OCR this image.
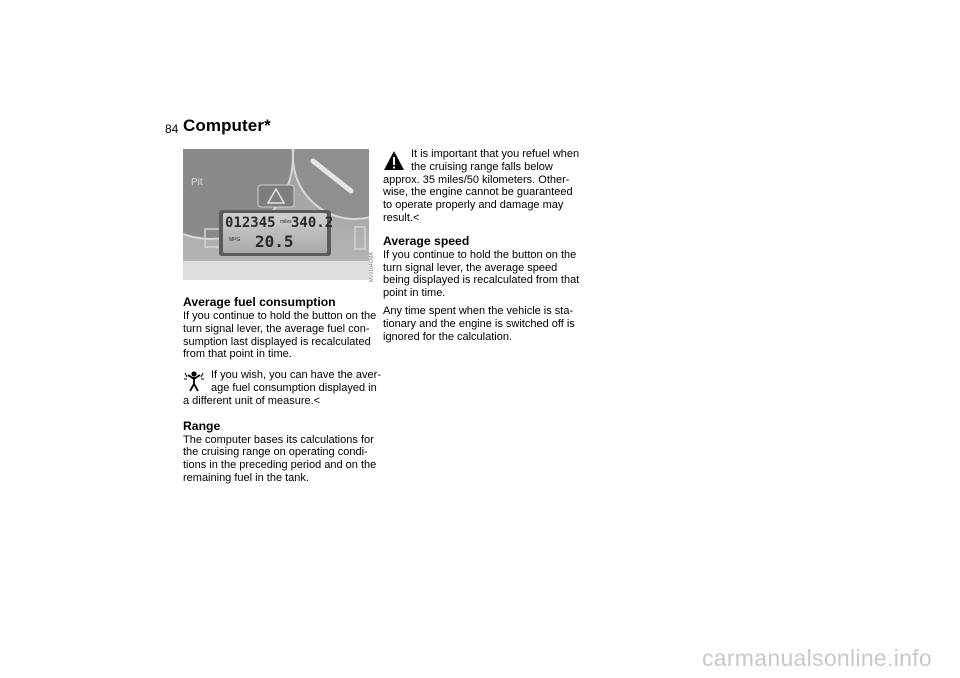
84 Computer*
Pit
012345 miles 340.2
MPG 20.5
MV0104CMA
Average fuel consumption

If you continue to hold the button on the turn signal lever, the average fuel con-sumption last displayed is recalculated from that point in time.

If you wish, you can have the aver-age fuel consumption displayed in a different unit of measure.<

Range

The computer bases its calculations for the cruising range on operating condi-tions in the preceding period and on the remaining fuel in the tank.

It is important that you refuel when the cruising range falls below approx. 35 miles/50 kilometers. Other-wise, the engine cannot be guaranteed to operate properly and damage may result.<

Average speed

If you continue to hold the button on the turn signal lever, the average speed being displayed is recalculated from that point in time.

Any time spent when the vehicle is sta-tionary and the engine is switched off is ignored for the calculation.

carmanualsonline.info
